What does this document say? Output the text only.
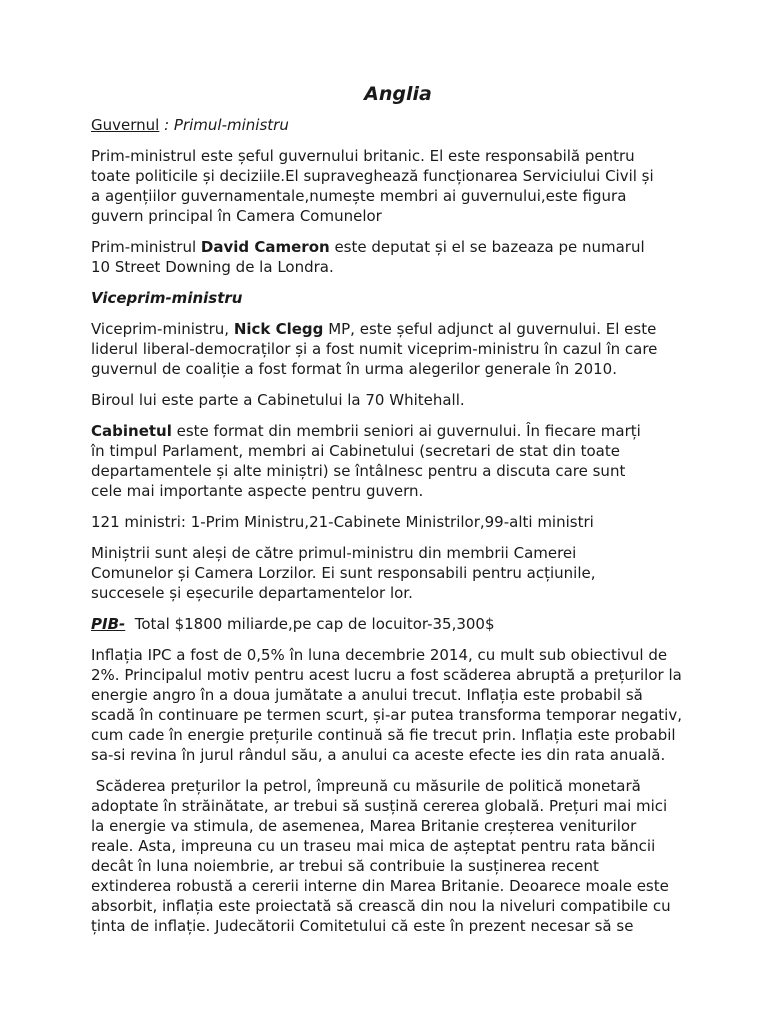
Anglia
Guvernul : Primul-ministru

Prim-ministrul este șeful guvernului britanic. El este responsabilă pentru
toate politicile și deciziile.El supraveghează funcționarea Serviciului Civil și
a agențiilor guvernamentale,numește membri ai guvernului,este figura
guvern principal în Camera Comunelor

Prim-ministrul David Cameron este deputat și el se bazeaza pe numarul
10 Street Downing de la Londra.

Viceprim-ministru

Viceprim-ministru, Nick Clegg MP, este șeful adjunct al guvernului. El este
liderul liberal-democraților și a fost numit viceprim-ministru în cazul în care
guvernul de coaliție a fost format în urma alegerilor generale în 2010.

Biroul lui este parte a Cabinetului la 70 Whitehall.

Cabinetul este format din membrii seniori ai guvernului. În fiecare marți
în timpul Parlament, membri ai Cabinetului (secretari de stat din toate
departamentele și alte miniștri) se întâlnesc pentru a discuta care sunt
cele mai importante aspecte pentru guvern.

121 ministri: 1-Prim Ministru,21-Cabinete Ministrilor,99-alti ministri

Miniștrii sunt aleși de către primul-ministru din membrii Camerei
Comunelor și Camera Lorzilor. Ei sunt responsabili pentru acțiunile,
succesele și eșecurile departamentelor lor.

PIB-  Total $1800 miliarde,pe cap de locuitor-35,300$

Inflația IPC a fost de 0,5% în luna decembrie 2014, cu mult sub obiectivul de
2%. Principalul motiv pentru acest lucru a fost scăderea abruptă a prețurilor la
energie angro în a doua jumătate a anului trecut. Inflația este probabil să
scadă în continuare pe termen scurt, și-ar putea transforma temporar negativ,
cum cade în energie prețurile continuă să fie trecut prin. Inflația este probabil
sa-si revina în jurul rândul său, a anului ca aceste efecte ies din rata anuală.

Scăderea prețurilor la petrol, împreună cu măsurile de politică monetară
adoptate în străinătate, ar trebui să susțină cererea globală. Prețuri mai mici
la energie va stimula, de asemenea, Marea Britanie creșterea veniturilor
reale. Asta, impreuna cu un traseu mai mica de așteptat pentru rata băncii
decât în luna noiembrie, ar trebui să contribuie la susținerea recent
extinderea robustă a cererii interne din Marea Britanie. Deoarece moale este
absorbit, inflația este proiectată să crească din nou la niveluri compatibile cu
ținta de inflație. Judecătorii Comitetului că este în prezent necesar să se
